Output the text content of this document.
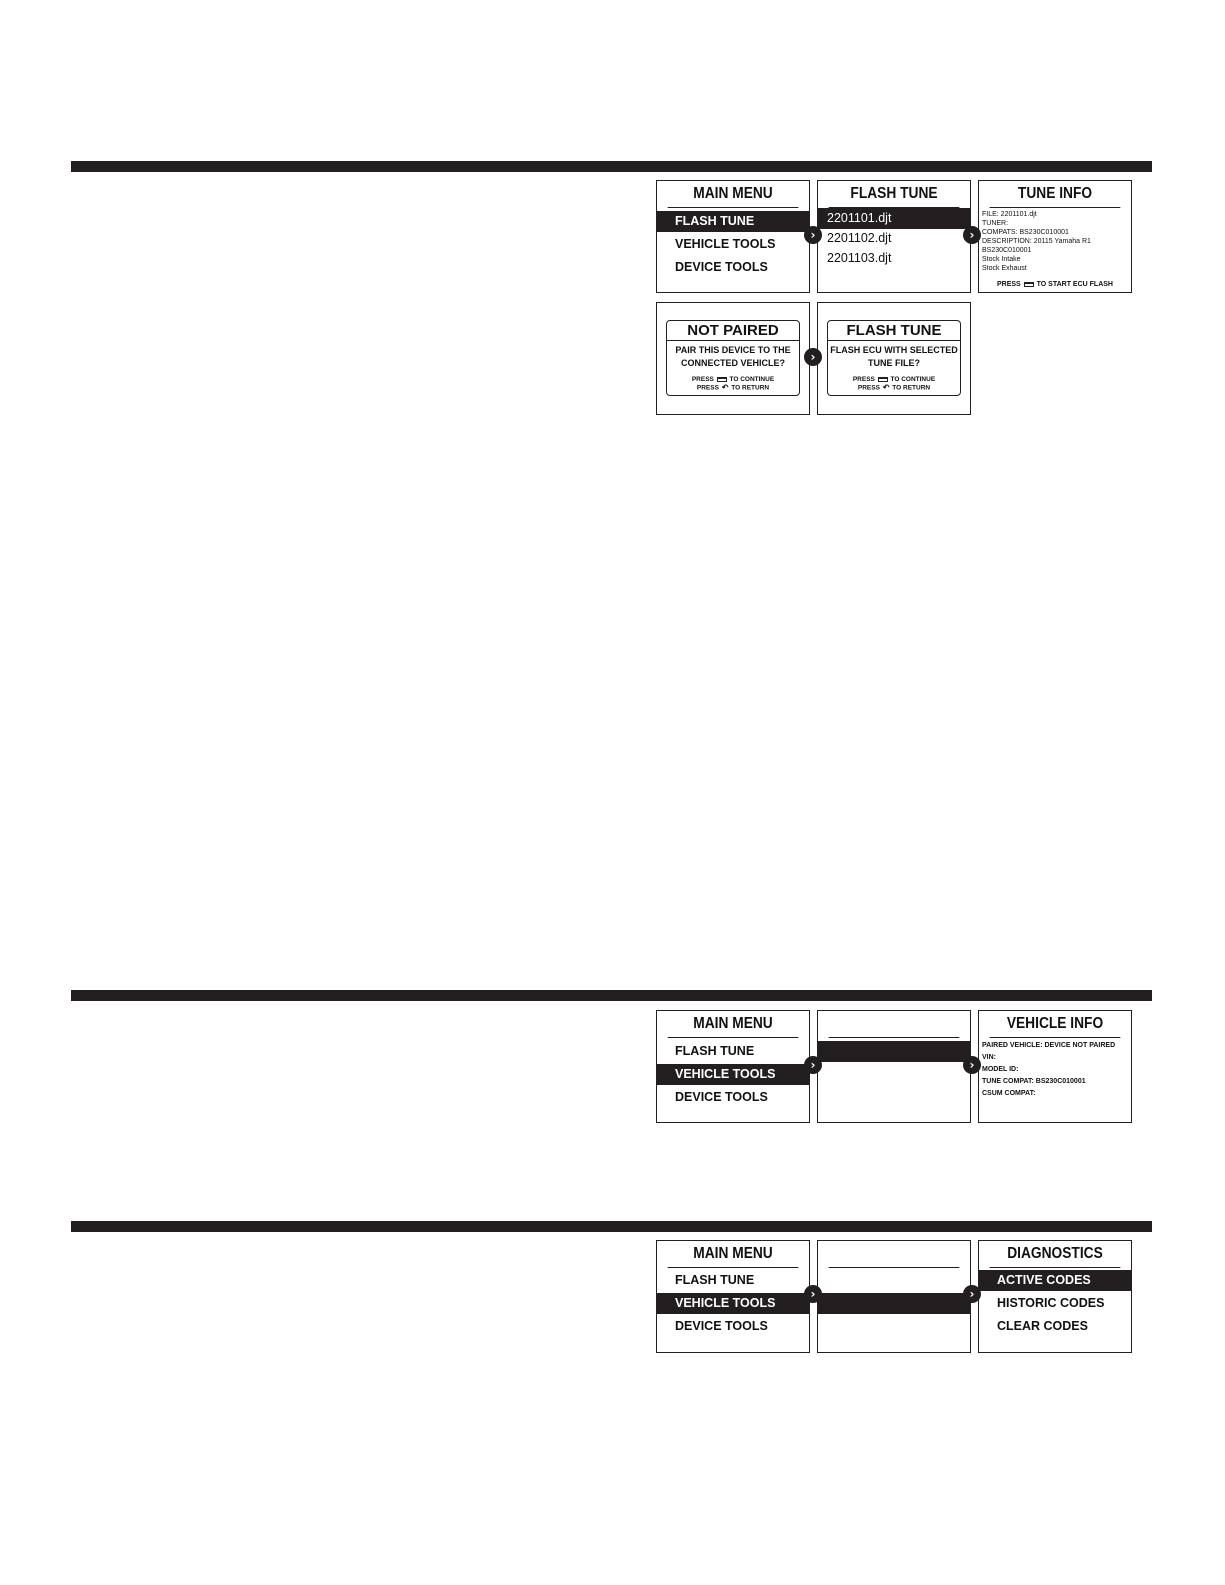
MAIN MENU
FLASH TUNE
VEHICLE TOOLS
DEVICE TOOLS
›
FLASH TUNE
2201101.djt
2201102.djt
2201103.djt
›
TUNE INFO
FILE: 2201101.djt
TUNER:
COMPATS: BS230C010001
DESCRIPTION: 20115 Yamaha R1
BS230C010001
Stock Intake
Stock Exhaust
PRESS TO START ECU FLASH
NOT PAIRED
PAIR THIS DEVICE TO THE
CONNECTED VEHICLE?
PRESS TO CONTINUE
PRESS ↶ TO RETURN
›
FLASH TUNE
FLASH ECU WITH SELECTED
TUNE FILE?
PRESS TO CONTINUE
PRESS ↶ TO RETURN
MAIN MENU
FLASH TUNE
VEHICLE TOOLS
DEVICE TOOLS
›	›
VEHICLE INFO
PAIRED VEHICLE: DEVICE NOT PAIRED
VIN:
MODEL ID:
TUNE COMPAT: BS230C010001
CSUM COMPAT:
MAIN MENU
FLASH TUNE
VEHICLE TOOLS
DEVICE TOOLS
›	›
DIAGNOSTICS
ACTIVE CODES
HISTORIC CODES
CLEAR CODES
